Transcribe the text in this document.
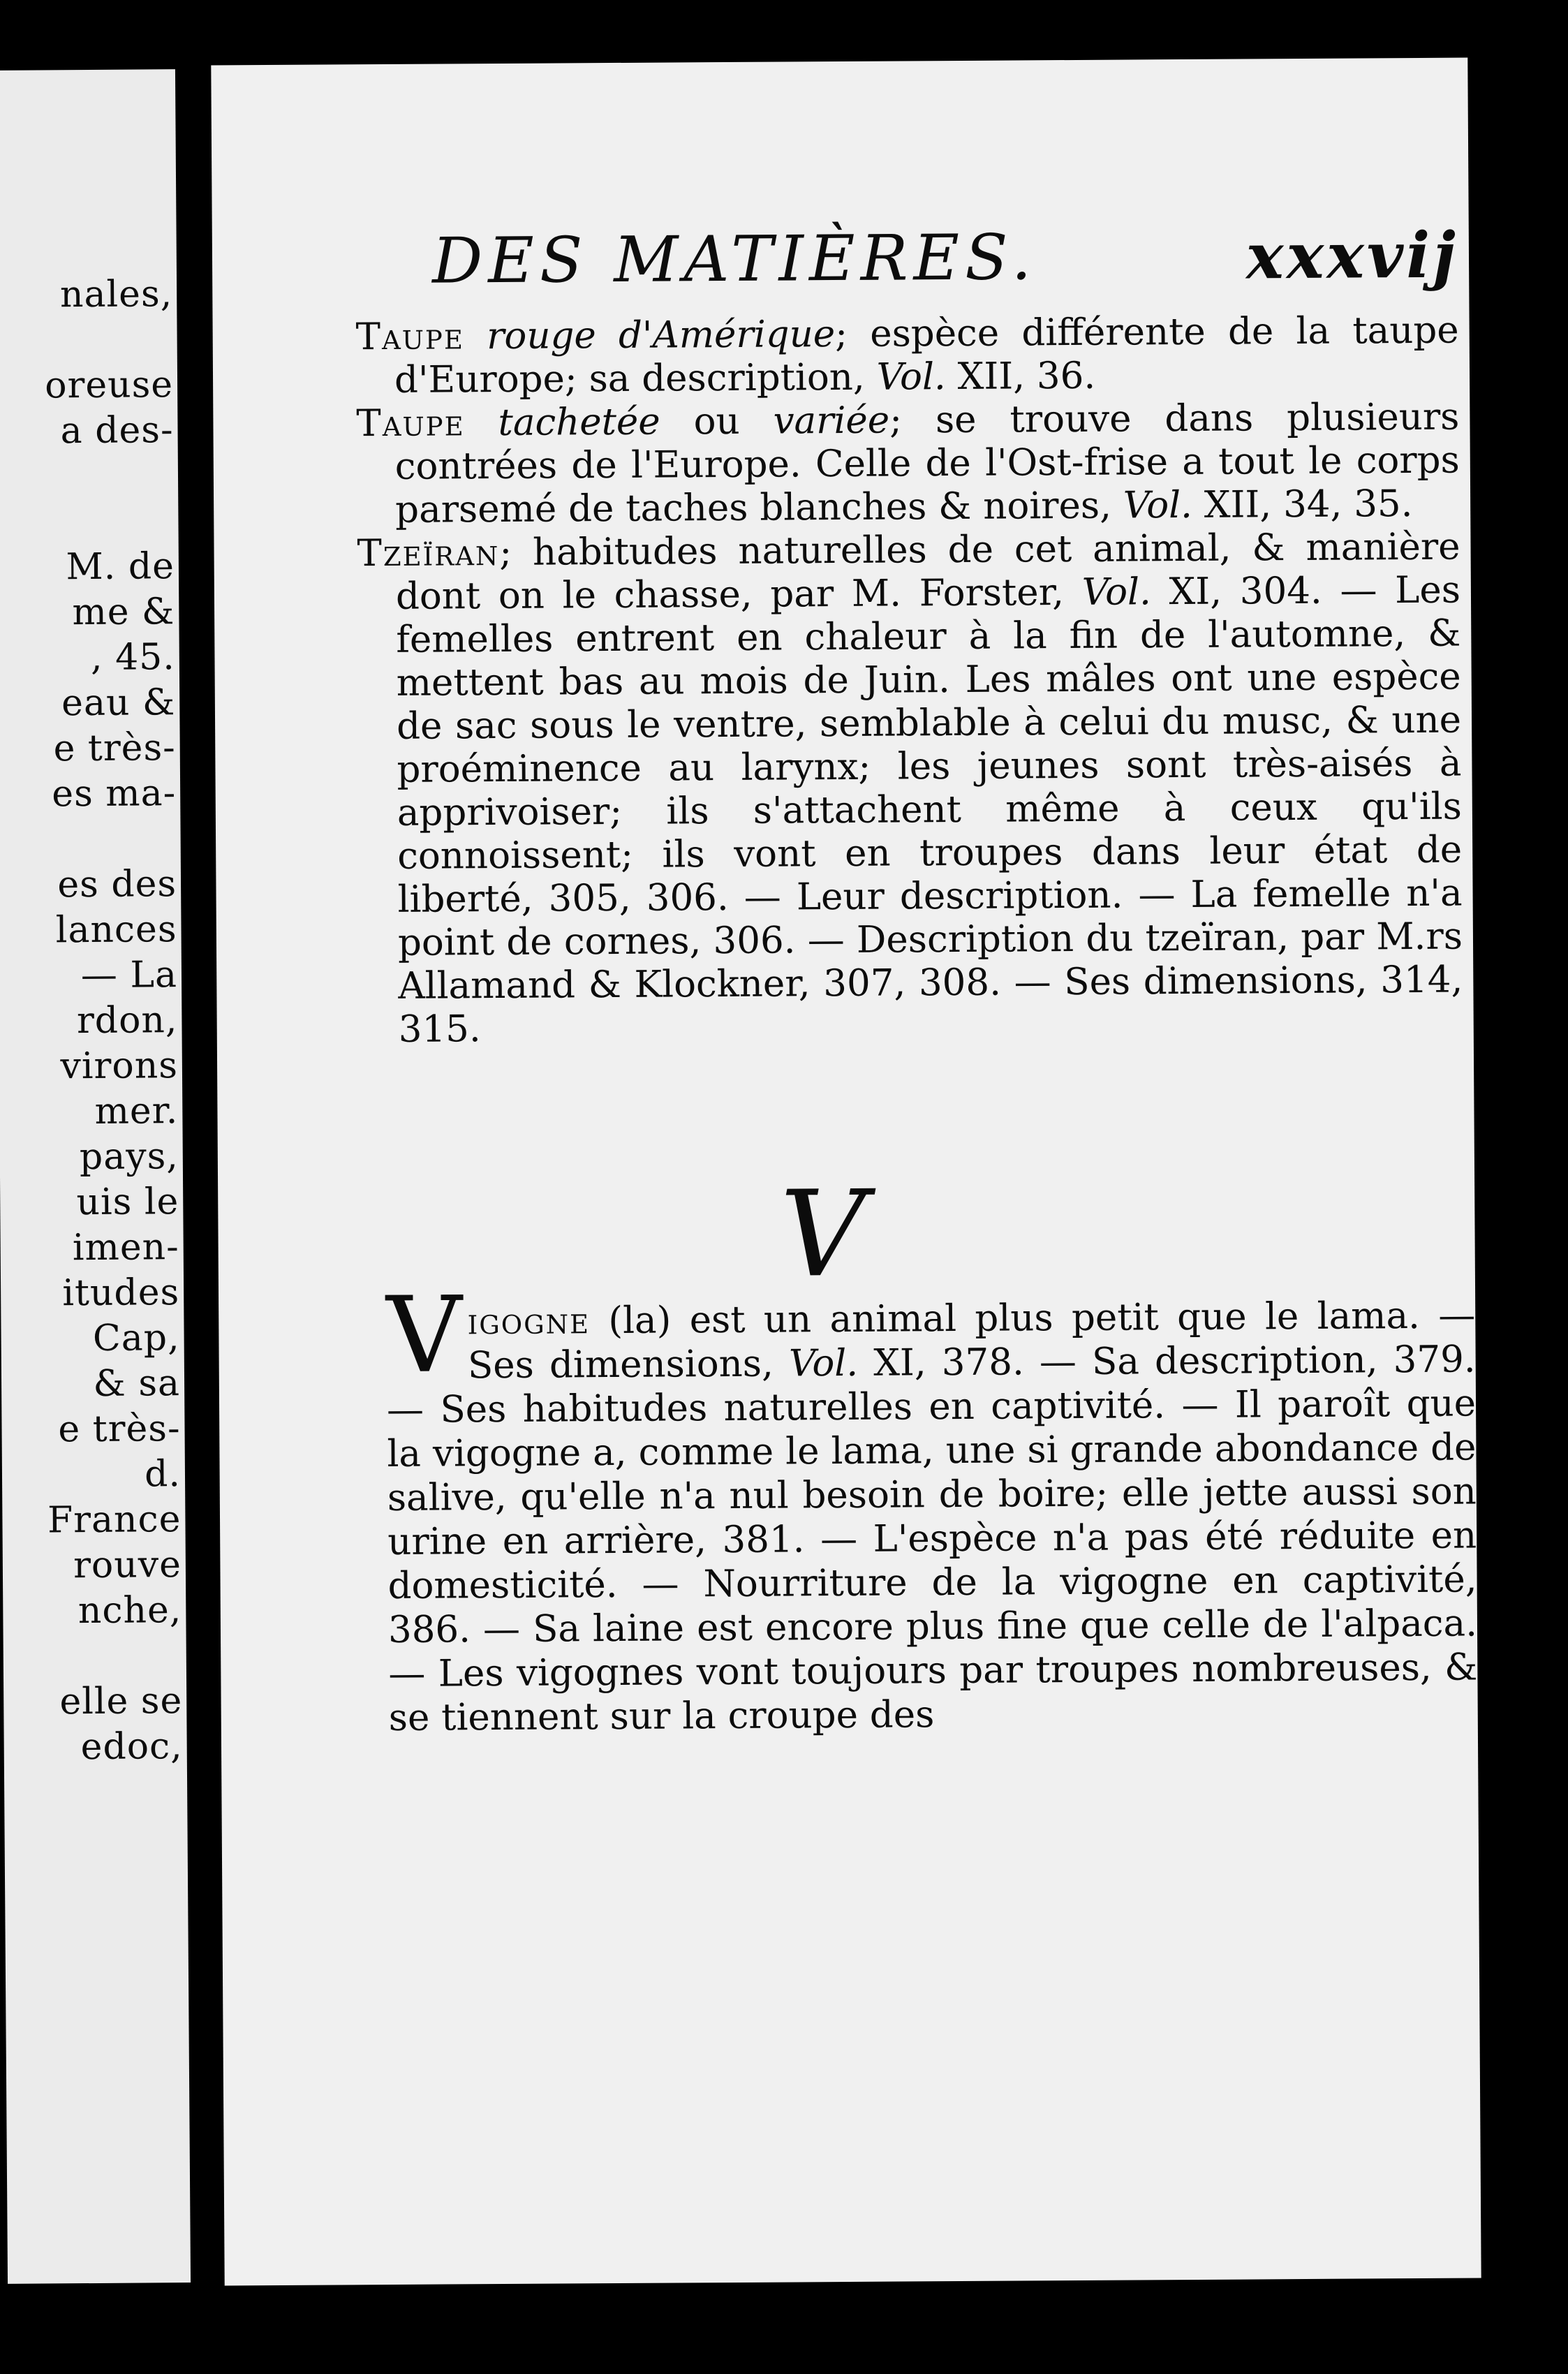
nales,
oreuse
a des-
M. de
me &
, 45.
eau &
e très-
es ma-
es des
lances
— La
rdon,
virons
mer.
pays,
uis le
imen-
itudes
Cap,
& sa
e très-
d.
France
rouve
nche,
elle se
edoc,
DES MATIÈRES.	xxxvij

Taupe rouge d'Amérique; espèce différente de la taupe d'Europe; sa description, Vol. XII, 36.

Taupe tachetée ou variée; se trouve dans plusieurs contrées de l'Europe. Celle de l'Ost-frise a tout le corps parsemé de taches blanches & noires, Vol. XII, 34, 35.

Tzeïran; habitudes naturelles de cet animal, & manière dont on le chasse, par M. Forster, Vol. XI, 304. — Les femelles entrent en chaleur à la fin de l'automne, & mettent bas au mois de Juin. Les mâles ont une espèce de sac sous le ventre, semblable à celui du musc, & une proéminence au larynx; les jeunes sont très-aisés à apprivoiser; ils s'attachent même à ceux qu'ils connoissent; ils vont en troupes dans leur état de liberté, 305, 306. — Leur description. — La femelle n'a point de cornes, 306. — Description du tzeïran, par M.rs Allamand & Klockner, 307, 308. — Ses dimensions, 314, 315.

V
Vigogne (la) est un animal plus petit que le lama. — Ses dimensions, Vol. XI, 378. — Sa description, 379. — Ses habitudes naturelles en captivité. — Il paroît que la vigogne a, comme le lama, une si grande abondance de salive, qu'elle n'a nul besoin de boire; elle jette aussi son urine en arrière, 381. — L'espèce n'a pas été réduite en domesticité. — Nourriture de la vigogne en captivité, 386. — Sa laine est encore plus fine que celle de l'alpaca. — Les vigognes vont toujours par troupes nombreuses, & se tiennent sur la croupe des
